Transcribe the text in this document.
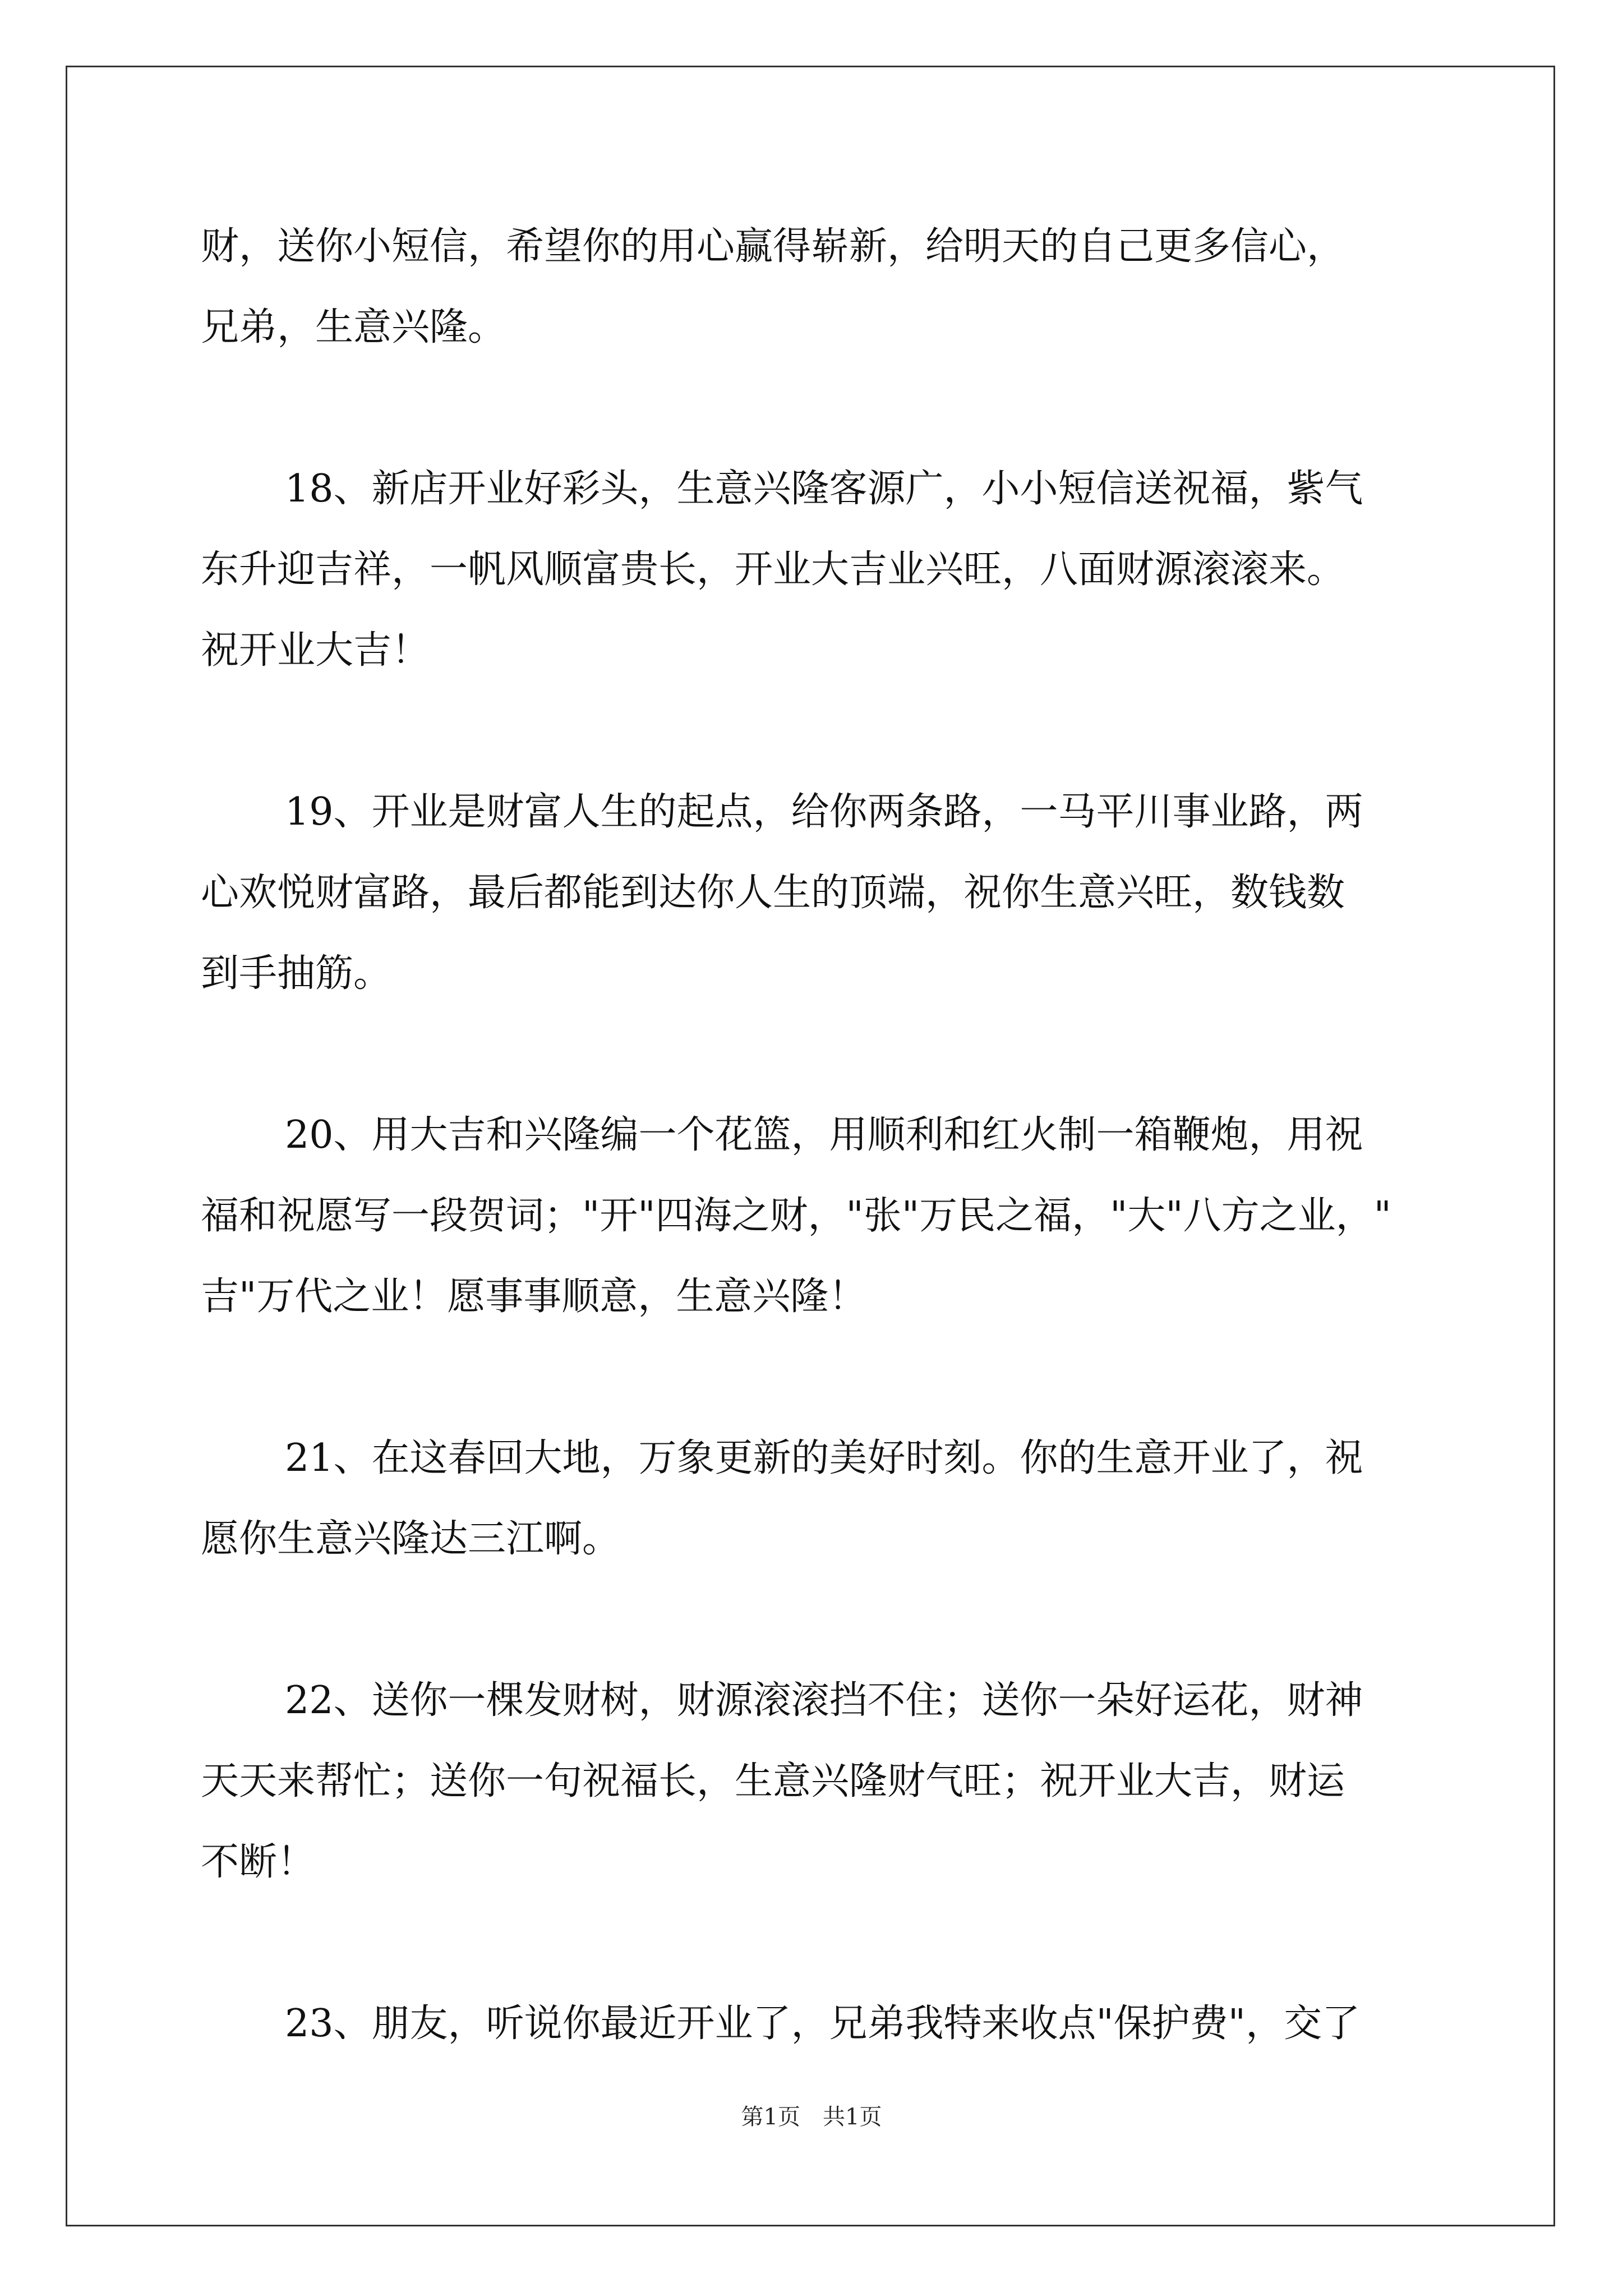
财，送你小短信，希望你的用心赢得崭新，给明天的自己更多信心，
兄弟，生意兴隆。

18、新店开业好彩头，生意兴隆客源广，小小短信送祝福，紫气
东升迎吉祥，一帆风顺富贵长，开业大吉业兴旺，八面财源滚滚来。
祝开业大吉！

19、开业是财富人生的起点，给你两条路，一马平川事业路，两
心欢悦财富路，最后都能到达你人生的顶端，祝你生意兴旺，数钱数
到手抽筋。

20、用大吉和兴隆编一个花篮，用顺利和红火制一箱鞭炮，用祝
福和祝愿写一段贺词；"开"四海之财，"张"万民之福，"大"八方之业，"
吉"万代之业！愿事事顺意，生意兴隆！

21、在这春回大地，万象更新的美好时刻。你的生意开业了，祝
愿你生意兴隆达三江啊。

22、送你一棵发财树，财源滚滚挡不住；送你一朵好运花，财神
天天来帮忙；送你一句祝福长，生意兴隆财气旺；祝开业大吉，财运
不断！

23、朋友，听说你最近开业了，兄弟我特来收点"保护费"，交了

第1页　共1页
